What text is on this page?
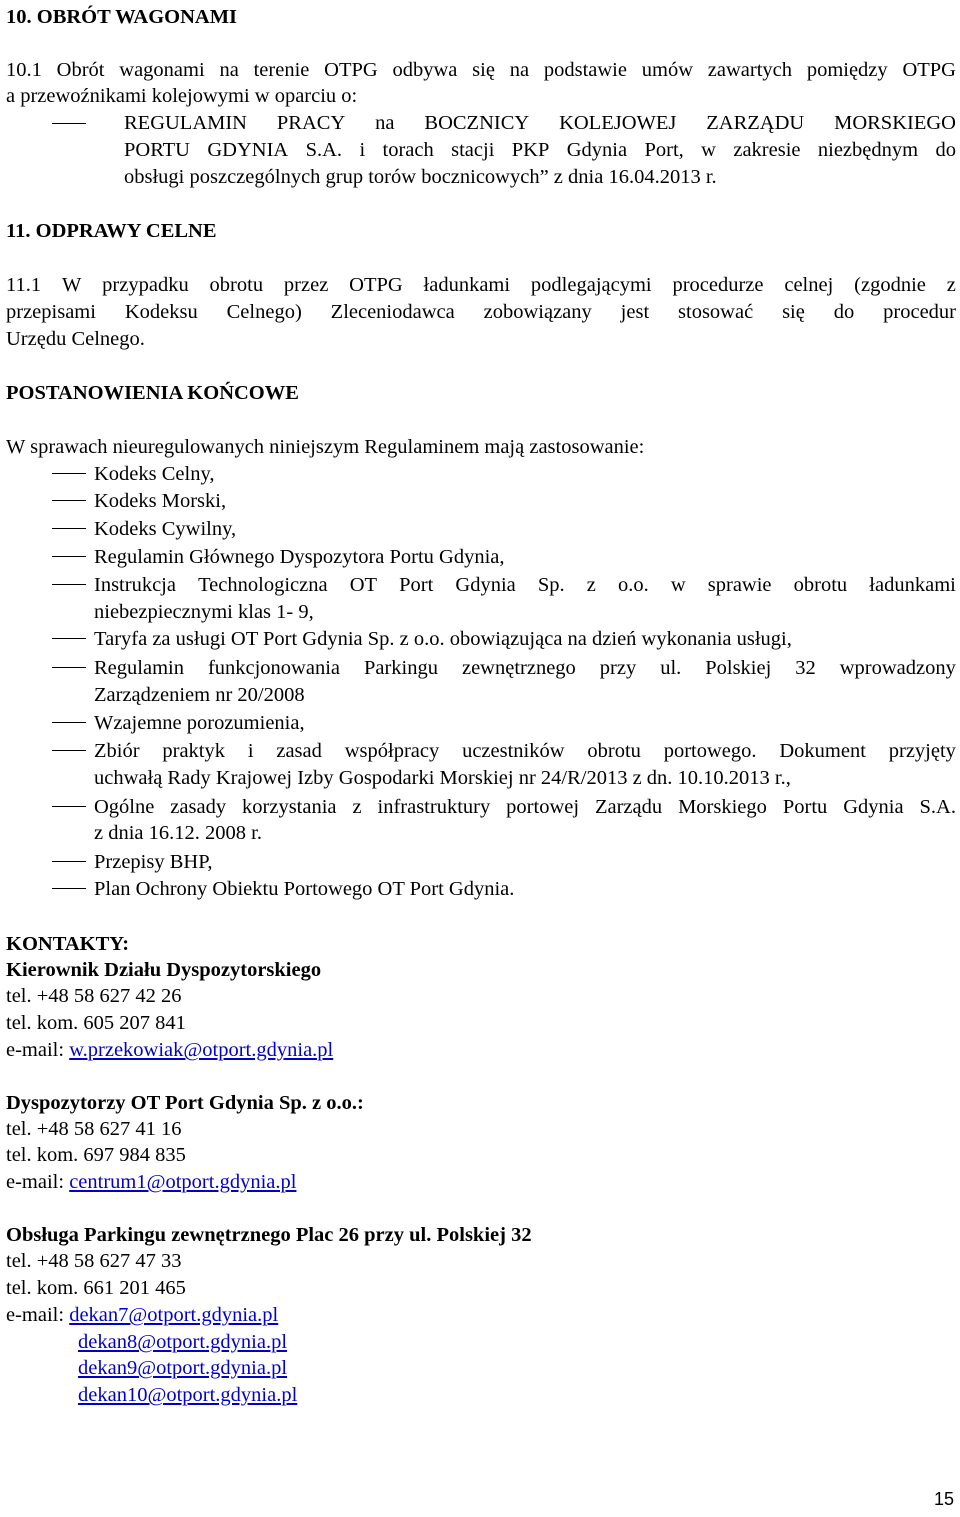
10. OBRÓT WAGONAMI
10.1 Obrót wagonami na terenie OTPG odbywa się na podstawie umów zawartych pomiędzy OTPG
a przewoźnikami kolejowymi w oparciu o:
REGULAMIN PRACY na BOCZNICY KOLEJOWEJ ZARZĄDU MORSKIEGO
PORTU GDYNIA S.A. i torach stacji PKP Gdynia Port, w zakresie niezbędnym do
obsługi poszczególnych grup torów bocznicowych” z dnia 16.04.2013 r.
11. ODPRAWY CELNE
11.1 W przypadku obrotu przez OTPG ładunkami podlegającymi procedurze celnej (zgodnie z
przepisami Kodeksu Celnego) Zleceniodawca zobowiązany jest stosować się do procedur
Urzędu Celnego.
POSTANOWIENIA KOŃCOWE
W sprawach nieuregulowanych niniejszym Regulaminem mają zastosowanie:
Kodeks Celny,
Kodeks Morski,
Kodeks Cywilny,
Regulamin Głównego Dyspozytora Portu Gdynia,
Instrukcja Technologiczna OT Port Gdynia Sp. z o.o. w sprawie obrotu ładunkami
niebezpiecznymi klas 1- 9,
Taryfa za usługi OT Port Gdynia Sp. z o.o. obowiązująca na dzień wykonania usługi,
Regulamin funkcjonowania Parkingu zewnętrznego przy ul. Polskiej 32 wprowadzony
Zarządzeniem nr 20/2008
Wzajemne porozumienia,
Zbiór praktyk i zasad współpracy uczestników obrotu portowego. Dokument przyjęty
uchwałą Rady Krajowej Izby Gospodarki Morskiej nr 24/R/2013 z dn. 10.10.2013 r.,
Ogólne zasady korzystania z infrastruktury portowej Zarządu Morskiego Portu Gdynia S.A.
z dnia 16.12. 2008 r.
Przepisy BHP,
Plan Ochrony Obiektu Portowego OT Port Gdynia.
KONTAKTY:
Kierownik Działu Dyspozytorskiego
tel. +48 58 627 42 26
tel. kom. 605 207 841
e-mail: w.przekowiak@otport.gdynia.pl
Dyspozytorzy OT Port Gdynia Sp. z o.o.:
tel. +48 58 627 41 16
tel. kom. 697 984 835
e-mail: centrum1@otport.gdynia.pl
Obsługa Parkingu zewnętrznego Plac 26 przy ul. Polskiej 32
tel. +48 58 627 47 33
tel. kom. 661 201 465
e-mail: dekan7@otport.gdynia.pl
dekan8@otport.gdynia.pl
dekan9@otport.gdynia.pl
dekan10@otport.gdynia.pl
15
